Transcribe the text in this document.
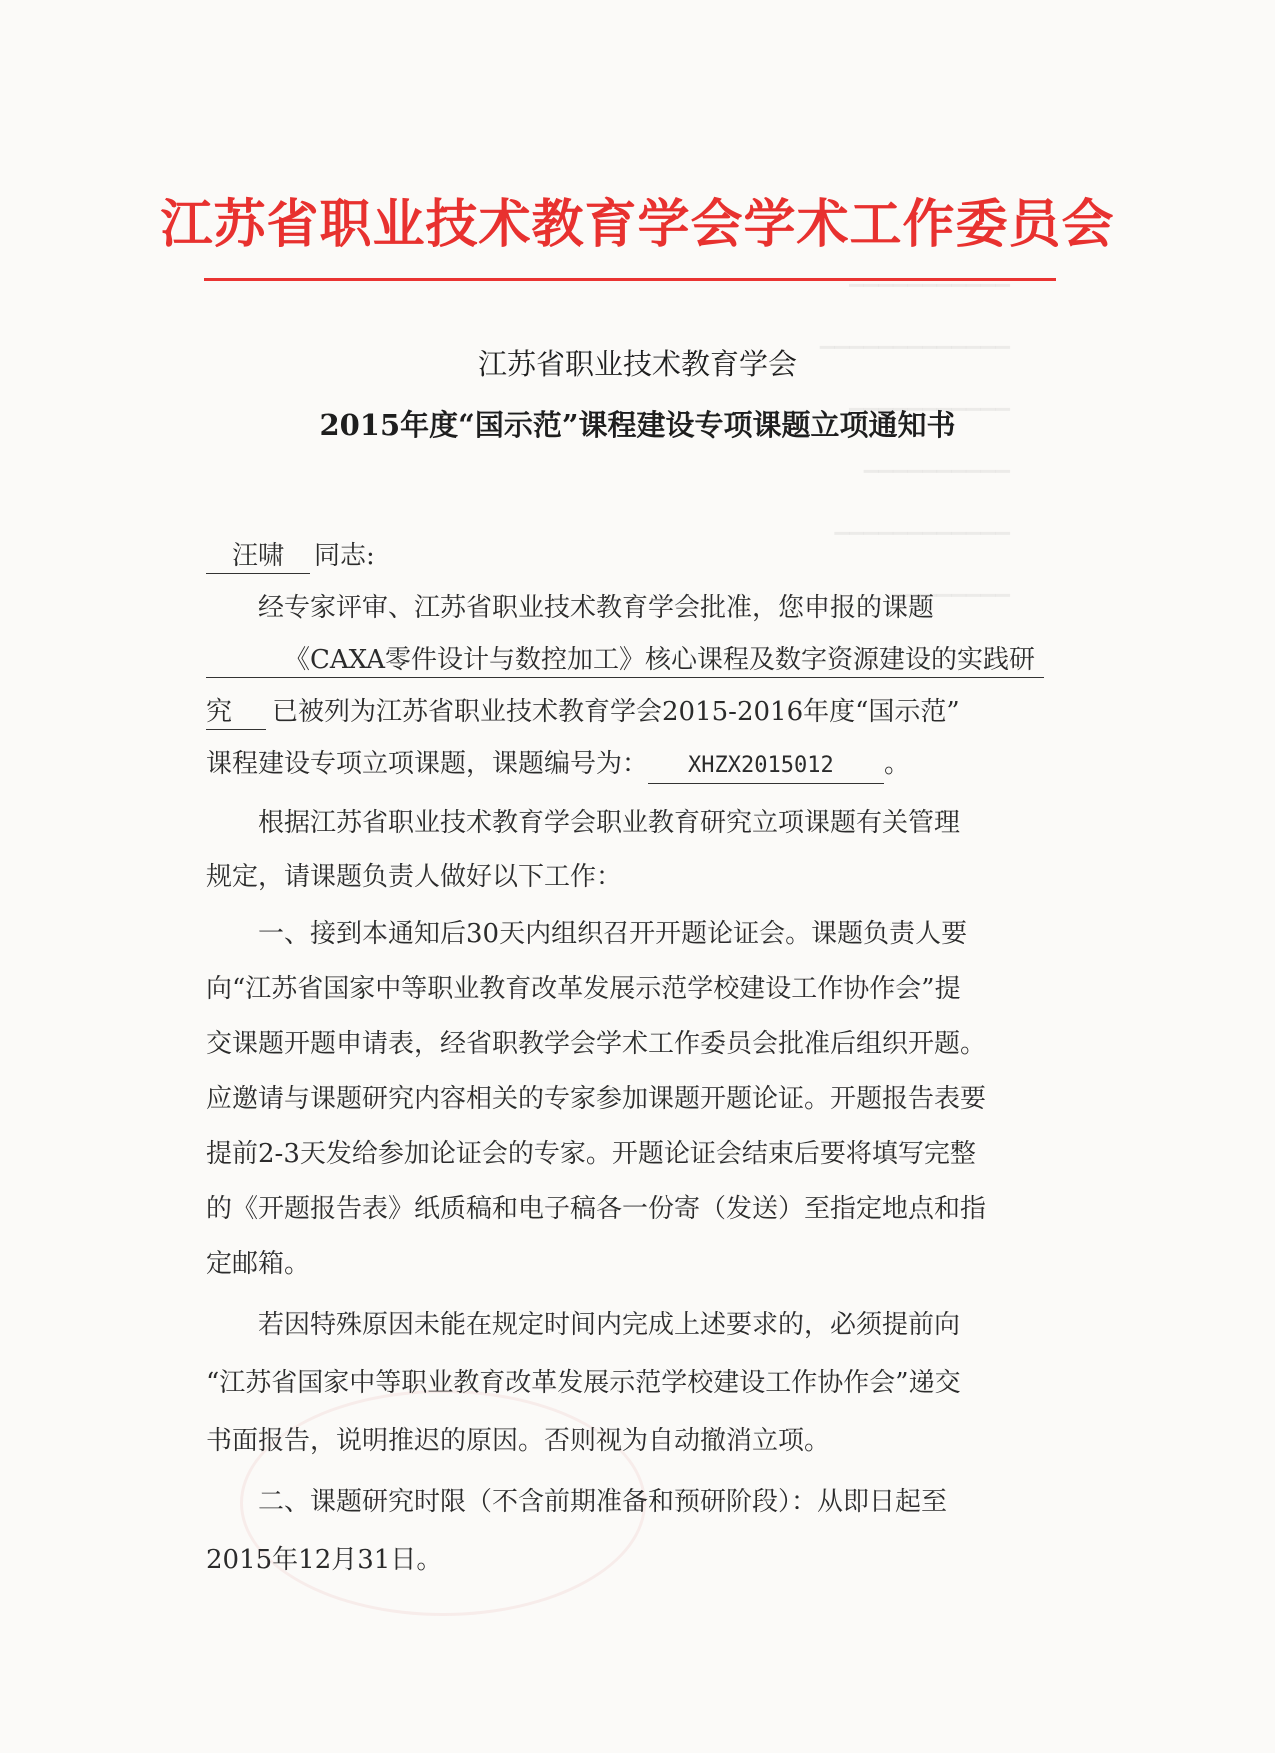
▁▁▁▁▁▁▁▁▁▁▁
▁▁▁▁▁▁▁▁▁▁▁▁▁
▁▁▁▁▁▁▁▁▁▁▁
▁▁▁▁▁▁▁▁▁▁
▁▁▁▁▁▁▁▁▁▁▁▁
▁▁▁▁▁▁▁▁
江苏省职业技术教育学会学术工作委员会
江苏省职业技术教育学会
2015年度“国示范”课程建设专项课题立项通知书
汪啸 同志:
经专家评审、江苏省职业技术教育学会批准，您申报的课题
《CAXA零件设计与数控加工》核心课程及数字资源建设的实践研
究 已被列为江苏省职业技术教育学会2015-2016年度“国示范”
课程建设专项立项课题，课题编号为： XHZX2015012 。
根据江苏省职业技术教育学会职业教育研究立项课题有关管理
规定，请课题负责人做好以下工作：
一、接到本通知后30天内组织召开开题论证会。课题负责人要
向“江苏省国家中等职业教育改革发展示范学校建设工作协作会”提
交课题开题申请表，经省职教学会学术工作委员会批准后组织开题。
应邀请与课题研究内容相关的专家参加课题开题论证。开题报告表要
提前2-3天发给参加论证会的专家。开题论证会结束后要将填写完整
的《开题报告表》纸质稿和电子稿各一份寄（发送）至指定地点和指
定邮箱。
若因特殊原因未能在规定时间内完成上述要求的，必须提前向
“江苏省国家中等职业教育改革发展示范学校建设工作协作会”递交
书面报告，说明推迟的原因。否则视为自动撤消立项。
二、课题研究时限（不含前期准备和预研阶段）：从即日起至
2015年12月31日。
